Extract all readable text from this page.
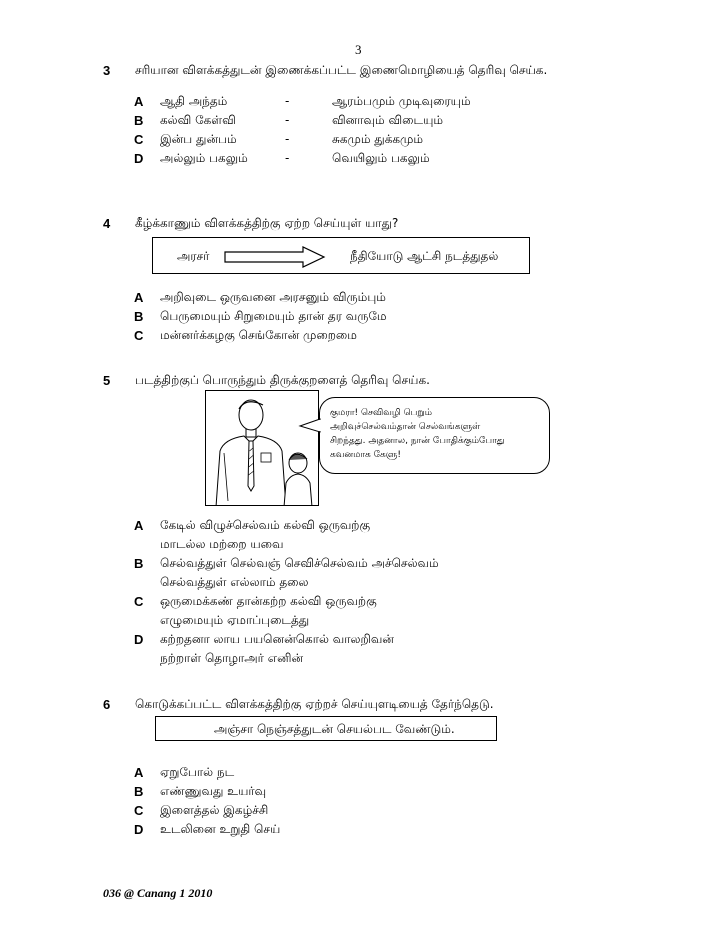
3
3 சரியான விளக்கத்துடன் இணைக்கப்பட்ட இணைமொழியைத் தெரிவு செய்க.
A ஆதி அந்தம்	-	ஆரம்பமும் முடிவுரையும்
B கல்வி கேள்வி	-	வினாவும் விடையும்
C இன்ப துன்பம்	-	சுகமும் துக்கமும்
D அல்லும் பகலும்	-	வெயிலும் பகலும்
4 கீழ்க்காணும் விளக்கத்திற்கு ஏற்ற செய்யுள் யாது?
அரசர்	நீதியோடு ஆட்சி நடத்துதல்
A அறிவுடை ஒருவனை அரசனும் விரும்பும்
B பெருமையும் சிறுமையும் தான் தர வருமே
C மன்னர்க்கழகு செங்கோன் முறைமை
5 படத்திற்குப் பொருந்தும் திருக்குறளைத் தெரிவு செய்க.
குமரா! செவிவழி பெறும்
அறிவுச்செல்வம்தான் செல்வங்களுள்
சிறந்தது. அதனால, நான் போதிக்கும்போது
கவனமாக கேளு!
A கேடில் விழுச்செல்வம் கல்வி ஒருவற்கு
மாடல்ல மற்றை யவை
B செல்வத்துள் செல்வஞ் செவிச்செல்வம் அச்செல்வம்
செல்வத்துள் எல்லாம் தலை
C ஒருமைக்கண் தான்கற்ற கல்வி ஒருவற்கு
எழுமையும் ஏமாப்புடைத்து
D கற்றதனா லாய பயனென்கொல் வாலறிவன்
நற்றாள் தொழாஅர் எனின்
6 கொடுக்கப்பட்ட விளக்கத்திற்கு ஏற்றச் செய்யுளடியைத் தேர்ந்தெடு.
அஞ்சா நெஞ்சத்துடன் செயல்பட வேண்டும்.
A ஏறுபோல் நட
B எண்ணுவது உயர்வு
C இளைத்தல் இகழ்ச்சி
D உடலினை உறுதி செய்
036 @ Canang 1 2010
